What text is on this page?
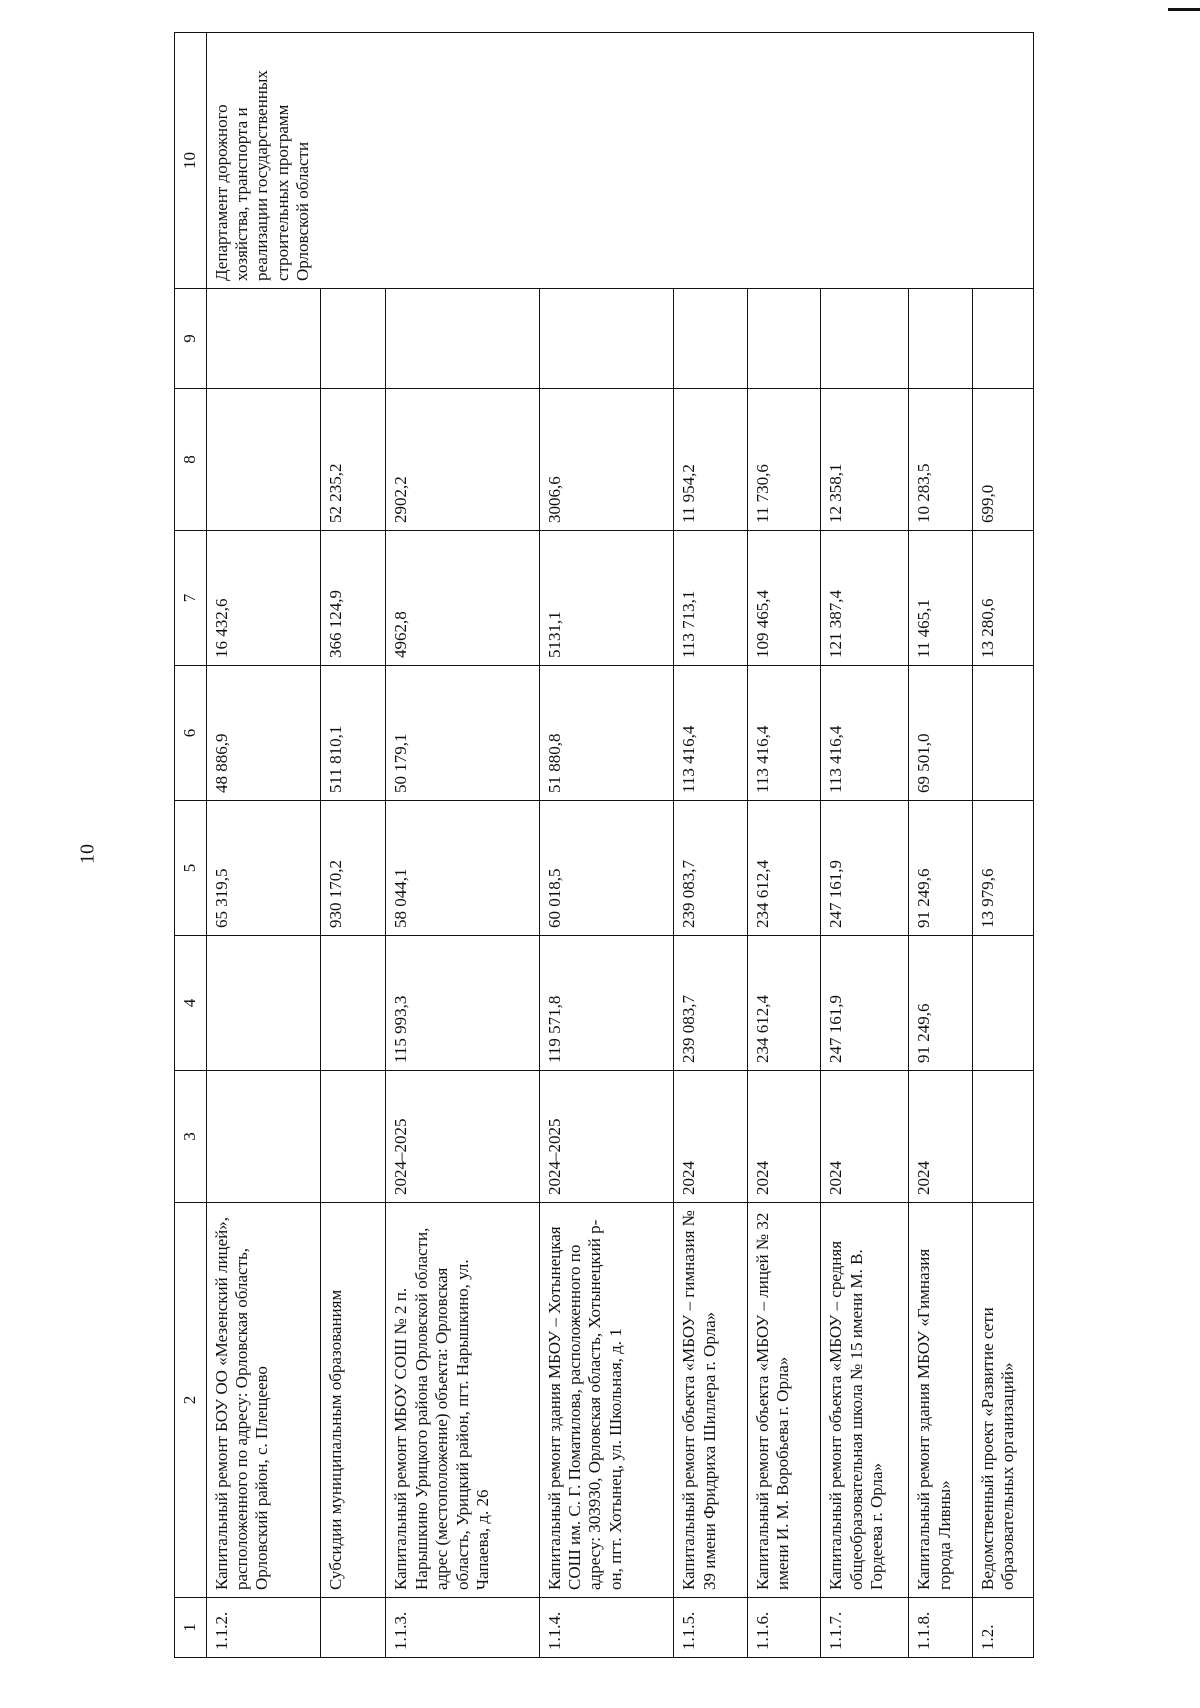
10
1	2	3	4	5	6	7	8	9	10
1.1.2.	Капитальный ремонт БОУ ОО «Мезенский лицей», расположенного по адресу: Орловская область, Орловский район, с. Плещеево			65 319,5	48 886,9	16 432,6			Департамент дорожного хозяйства, транспорта и реализации государственных строительных программ Орловской области
	Субсидии муниципальным образованиям			930 170,2	511 810,1	366 124,9	52 235,2		
1.1.3.	Капитальный ремонт МБОУ СОШ № 2 п. Нарышкино Урицкого района Орловской области, адрес (местоположение) объекта: Орловская область, Урицкий район, пгт. Нарышкино, ул. Чапаева, д. 26	2024–2025	115 993,3	58 044,1	50 179,1	4962,8	2902,2		
1.1.4.	Капитальный ремонт здания МБОУ – Хотынецкая СОШ им. С. Г. Поматилова, расположенного по адресу: 303930, Орловская область, Хотынецкий р-он, пгт. Хотынец, ул. Школьная, д. 1	2024–2025	119 571,8	60 018,5	51 880,8	5131,1	3006,6		
1.1.5.	Капитальный ремонт объекта «МБОУ – гимназия № 39 имени Фридриха Шиллера г. Орла»	2024	239 083,7	239 083,7	113 416,4	113 713,1	11 954,2		
1.1.6.	Капитальный ремонт объекта «МБОУ – лицей № 32 имени И. М. Воробьева г. Орла»	2024	234 612,4	234 612,4	113 416,4	109 465,4	11 730,6		
1.1.7.	Капитальный ремонт объекта «МБОУ – средняя общеобразовательная школа № 15 имени М. В. Гордеева г. Орла»	2024	247 161,9	247 161,9	113 416,4	121 387,4	12 358,1		
1.1.8.	Капитальный ремонт здания МБОУ «Гимназия города Ливны»	2024	91 249,6	91 249,6	69 501,0	11 465,1	10 283,5		
1.2.	Ведомственный проект «Развитие сети образовательных организаций»			13 979,6		13 280,6	699,0		
